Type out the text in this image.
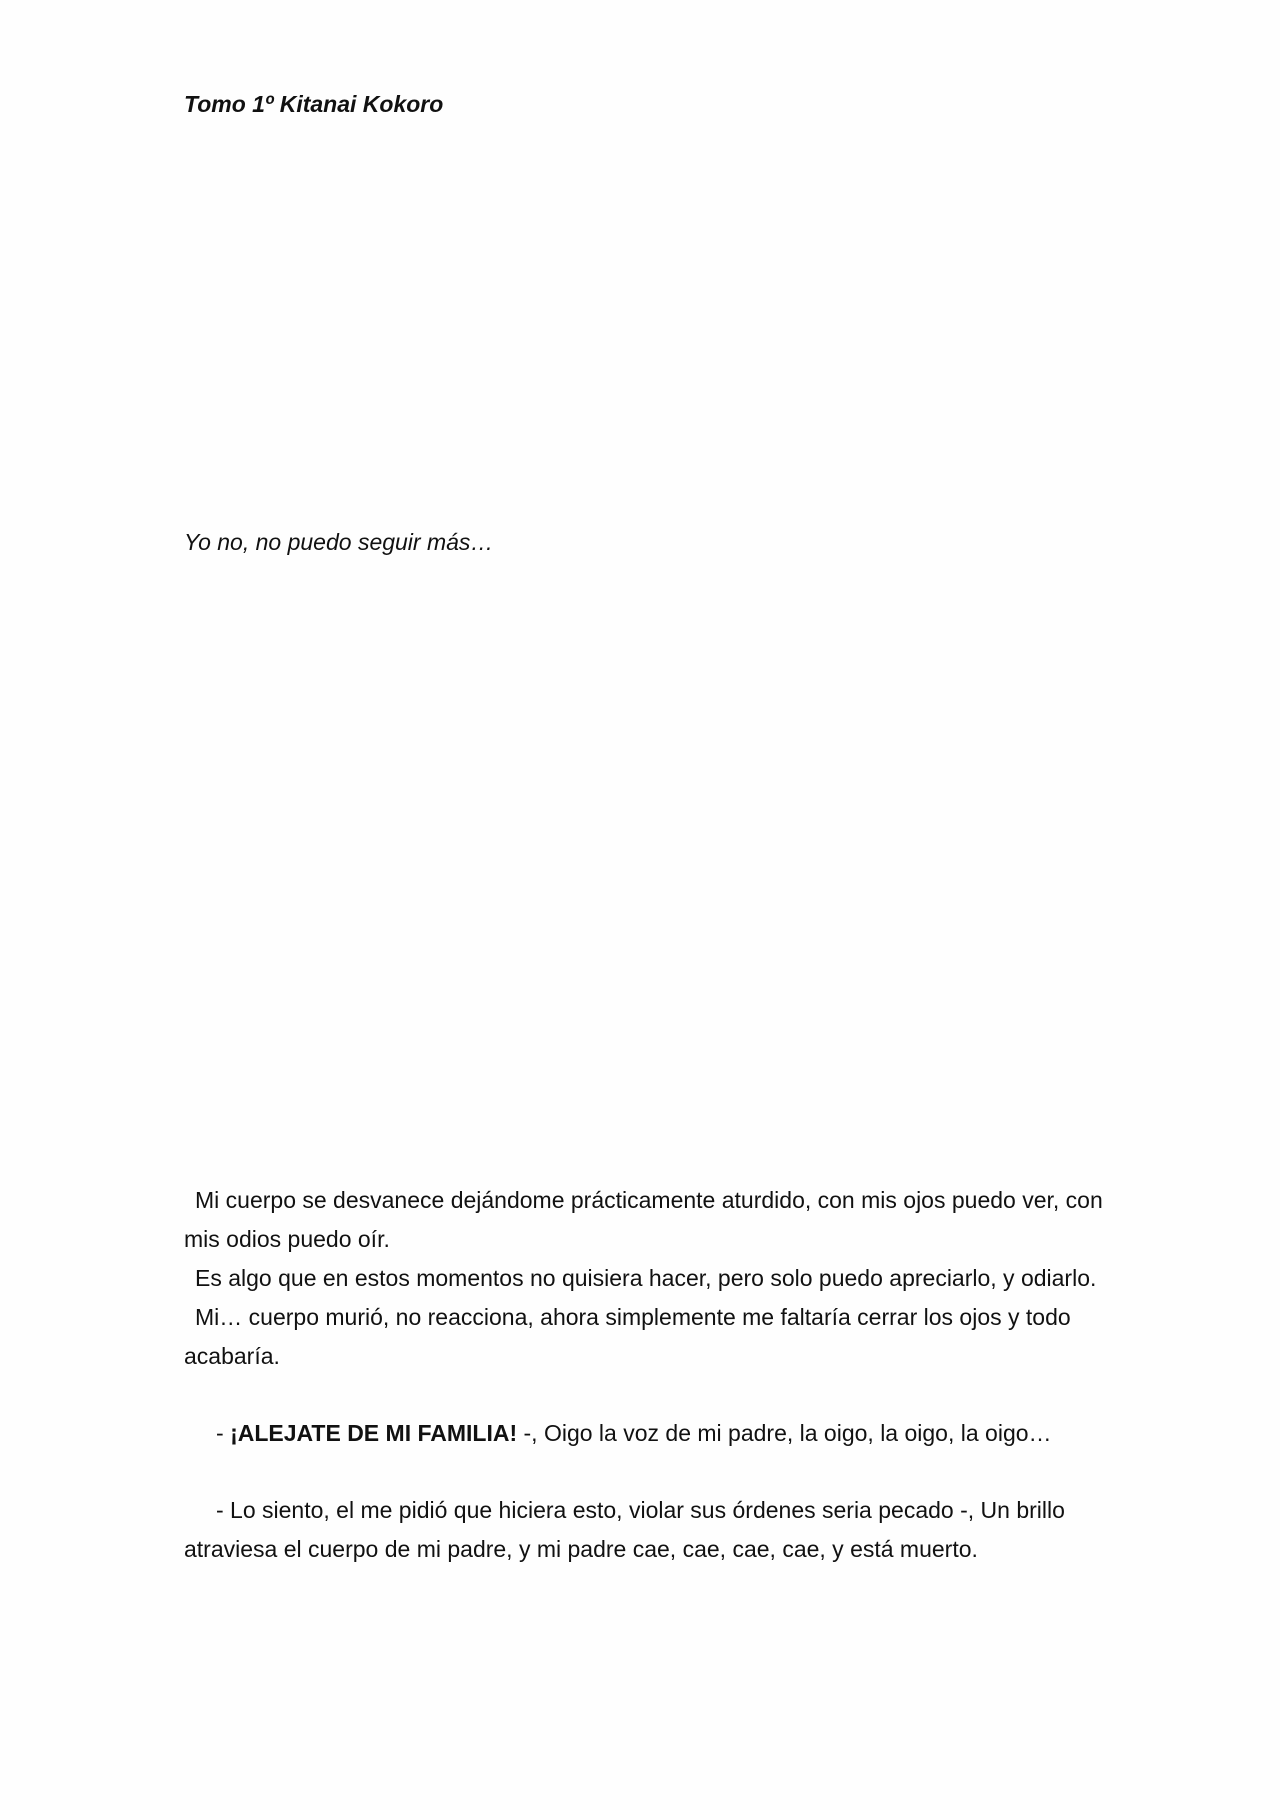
Tomo 1º Kitanai Kokoro
Yo no, no puedo seguir más…

Mi cuerpo se desvanece dejándome prácticamente aturdido, con mis ojos puedo ver, con mis odios puedo oír.

Es algo que en estos momentos no quisiera hacer, pero solo puedo apreciarlo, y odiarlo.

Mi… cuerpo murió, no reacciona, ahora simplemente me faltaría cerrar los ojos y todo acabaría.

- ¡ALEJATE DE MI FAMILIA! -, Oigo la voz de mi padre, la oigo, la oigo, la oigo…

- Lo siento, el me pidió que hiciera esto, violar sus órdenes seria pecado -, Un brillo atraviesa el cuerpo de mi padre, y mi padre cae, cae, cae, cae, y está muerto.
